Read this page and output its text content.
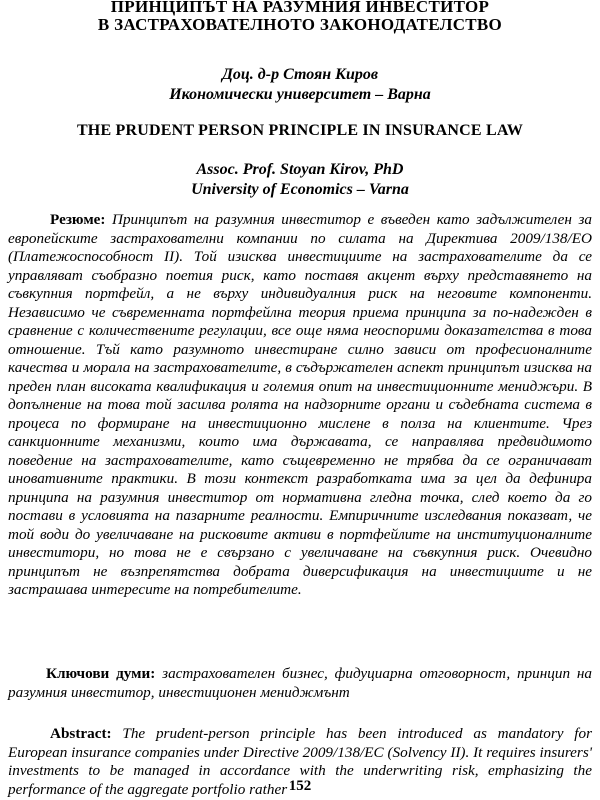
ПРИНЦИПЪТ НА РАЗУМНИЯ ИНВЕСТИТОР
В ЗАСТРАХОВАТЕЛНОТО ЗАКОНОДАТЕЛСТВО
Доц. д-р Стоян Киров
Икономически университет – Варна
THE PRUDENT PERSON PRINCIPLE IN INSURANCE LAW
Assoc. Prof. Stoyan Kirov, PhD
University of Economics – Varna
Резюме: Принципът на разумния инвеститор е въведен като задължителен за европейските застрахователни компании по силата на Директива 2009/138/ЕО (Платежоспособност II). Той изисква инвестициите на застрахователите да се управляват съобразно поетия риск, като поставя акцент върху представянето на съвкупния портфейл, а не върху индивидуалния риск на неговите компоненти. Независимо че съвременната портфейлна теория приема принципа за по-надежден в сравнение с количествените регулации, все още няма неоспорими доказателства в това отношение. Тъй като разумното инвестиране силно зависи от професионалните качества и морала на застрахователите, в съдържателен аспект принципът изисква на преден план високата квалификация и големия опит на инвестиционните мениджъри. В допълнение на това той засилва ролята на надзорните органи и съдебната система в процеса по формиране на инвестиционно мислене в полза на клиентите. Чрез санкционните механизми, които има държавата, се направлява предвидимото поведение на застрахователите, като същевременно не трябва да се ограничават иновативните практики. В този контекст разработката има за цел да дефинира принципа на разумния инвеститор от нормативна гледна точка, след което да го постави в условията на пазарните реалности. Емпиричните изследвания показват, че той води до увеличаване на рисковите активи в портфейлите на институционалните инвеститори, но това не е свързано с увеличаване на съвкупния риск. Очевидно принципът не възпрепятства добрата диверсификация на инвестициите и не застрашава интересите на потребителите.
Ключови думи: застрахователен бизнес, фидуциарна отговорност, принцип на разумния инвеститор, инвестиционен мениджмънт
Abstract: The prudent-person principle has been introduced as mandatory for European insurance companies under Directive 2009/138/EC (Solvency II). It requires insurers' investments to be managed in accordance with the underwriting risk, emphasizing the performance of the aggregate portfolio rather 152
